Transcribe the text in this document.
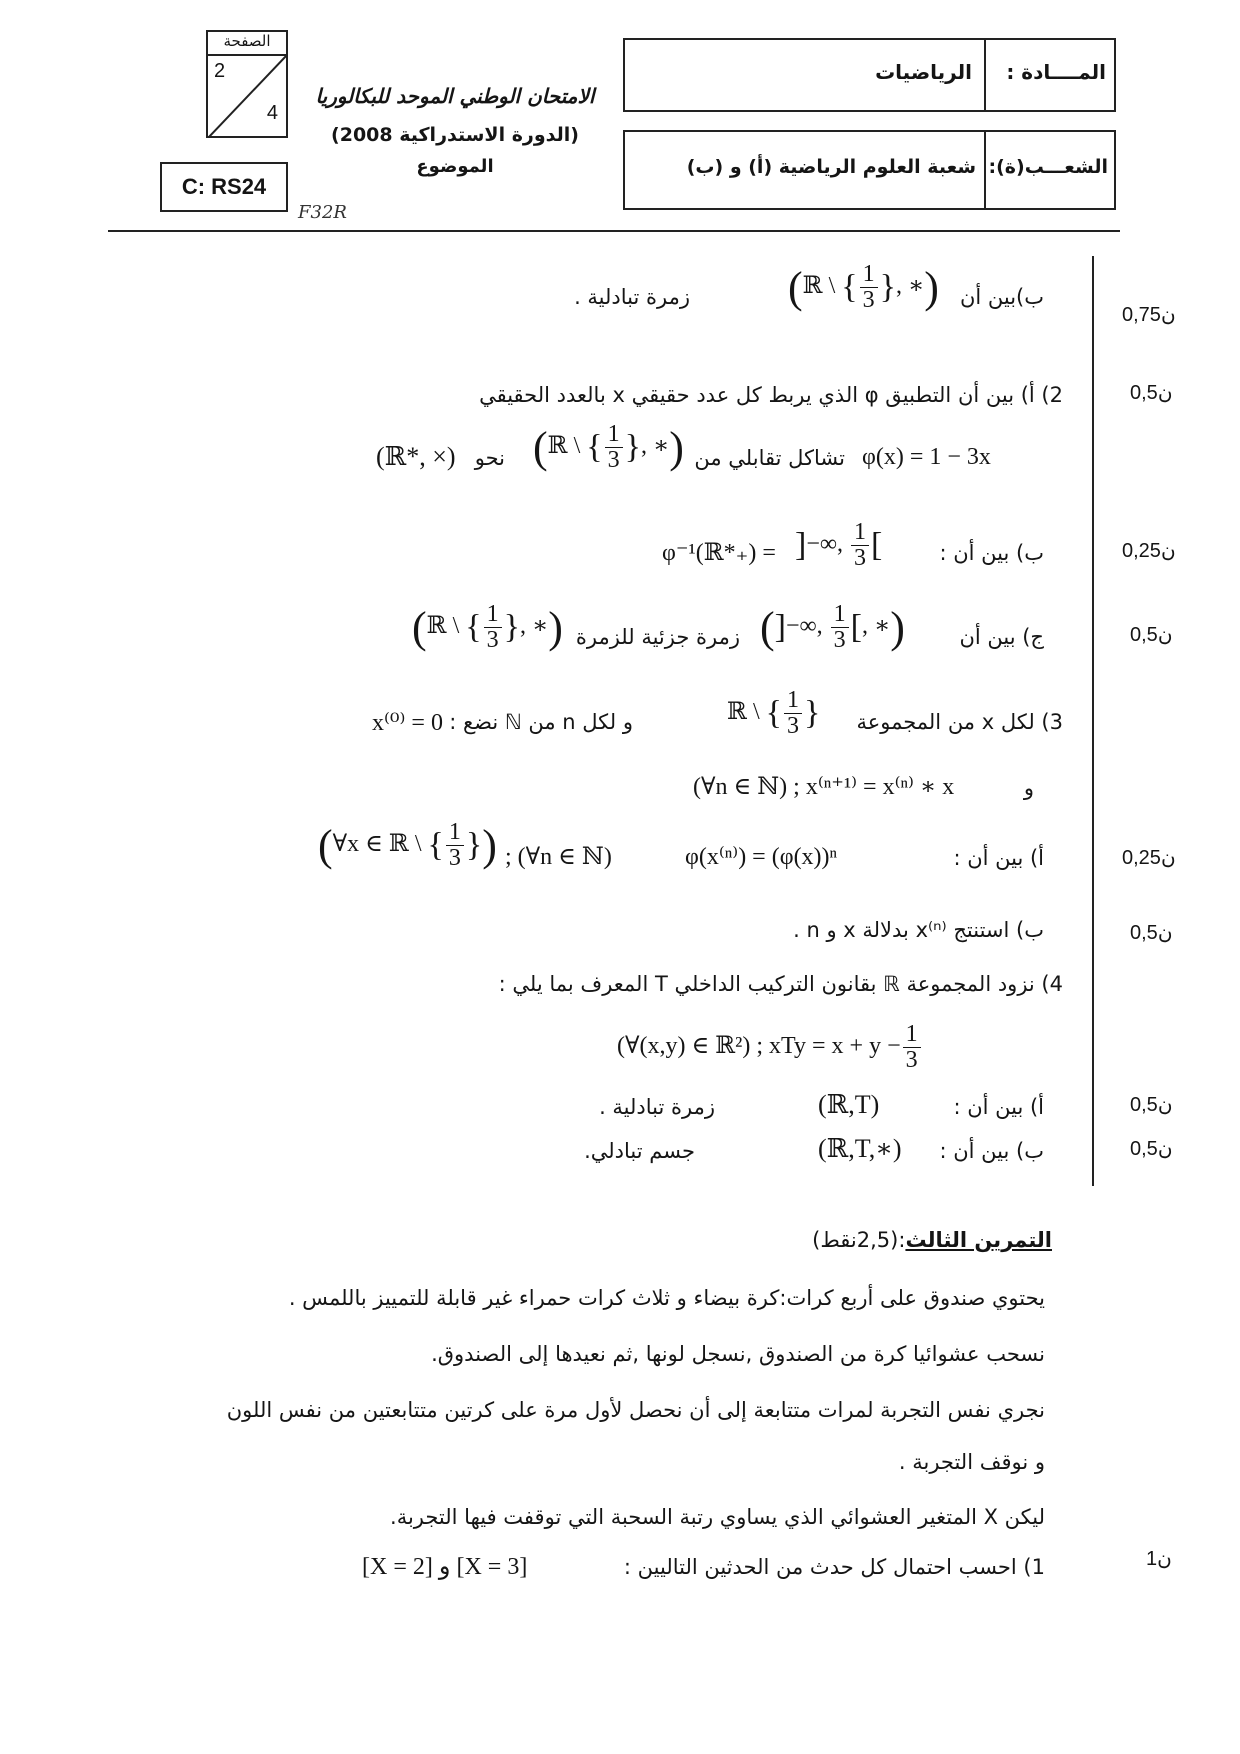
الصفحة
2
4
C: RS24
F32R
الامتحان الوطني الموحد للبكالوريا
(الدورة الاستدراكية 2008)
الموضوع
المــــادة :
الرياضيات
الشعـــب(ة):
شعبة العلوم الرياضية (أ) و (ب)
0,75ن
0,5ن
0,25ن
0,5ن
0,25ن
0,5ن
0,5ن
0,5ن
1ن
ب)بين أن
(ℝ \ { $\frac{1}{3}$ }, ∗)
زمرة تبادلية .
2) أ) بين أن التطبيق φ الذي يربط كل عدد حقيقي x بالعدد الحقيقي
φ(x) = 1 − 3x
تشاكل تقابلي من
(ℝ \ { $\frac{1}{3}$ }, ∗)
نحو
(ℝ*, ×)
ب) بين أن :
φ⁻¹(ℝ*₊) = ]−∞, $\frac{1}{3}$ [
ج) بين أن
(]−∞, $\frac{1}{3}$ [, ∗)
زمرة جزئية للزمرة
(ℝ \ { $\frac{1}{3}$ }, ∗)
3) لكل x من المجموعة
ℝ \ { $\frac{1}{3}$ }
و لكل n من ℕ نضع :
x⁽⁰⁾ = 0
و
(∀n ∈ ℕ) ; x⁽ⁿ⁺¹⁾ = x⁽ⁿ⁾ ∗ x
أ) بين أن :
φ(x⁽ⁿ⁾) = (φ(x))ⁿ
(∀x ∈ ℝ \ { $\frac{1}{3}$ }) ; (∀n ∈ ℕ)
ب) استنتج x⁽ⁿ⁾ بدلالة x و n .
4) نزود المجموعة ℝ بقانون التركيب الداخلي T المعرف بما يلي :
(∀(x,y) ∈ ℝ²) ; xTy = $x + y - \frac{1}{3}$
أ) بين أن :
(ℝ,T)
زمرة تبادلية .
ب) بين أن :
(ℝ,T,∗)
جسم تبادلي.
التمرين الثالث:(2,5نقط)
يحتوي صندوق على أربع كرات:كرة بيضاء و ثلاث كرات حمراء غير قابلة للتمييز باللمس .
نسحب عشوائيا كرة من الصندوق ,نسجل لونها ,ثم نعيدها إلى الصندوق.
نجري نفس التجربة لمرات متتابعة إلى أن نحصل لأول مرة على كرتين متتابعتين من نفس اللون
و نوقف التجربة .
ليكن X المتغير العشوائي الذي يساوي رتبة السحبة التي توقفت فيها التجربة.
1) احسب احتمال كل حدث من الحدثين التاليين :
[X = 3] و [X = 2]
